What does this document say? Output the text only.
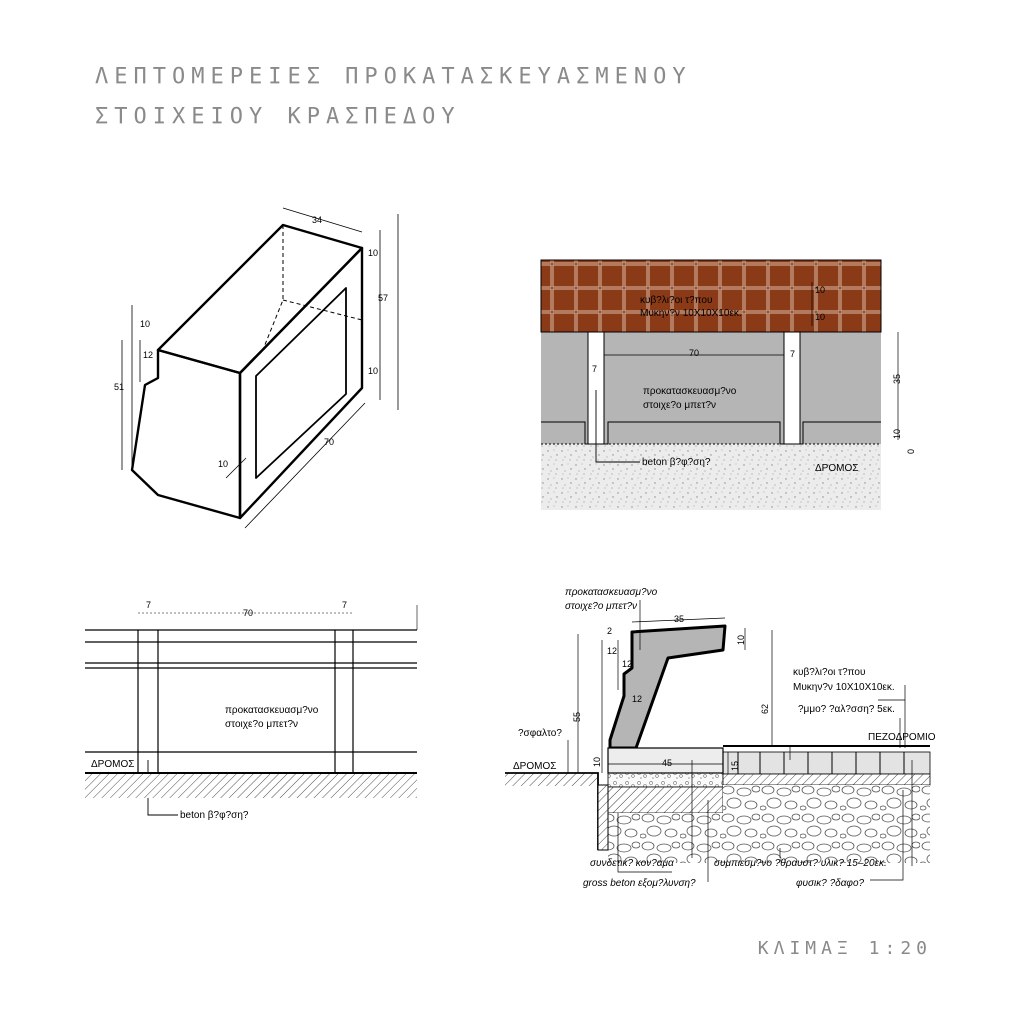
ΛΕΠΤΟΜΕΡΕΙΕΣ ΠΡΟΚΑΤΑΣΚΕΥΑΣΜΕΝΟΥ
ΣΤΟΙΧΕΙΟΥ ΚΡΑΣΠΕΔΟΥ
ΚΛΙΜΑΞ 1:20
34
10
57
10
10
12
51
70
10
κυβ?λι?οι τ?που
Μυκην?ν 10Χ10Χ10εκ.
προκατασκευασμ?νο
στοιχε?ο μπετ?ν
beton β?φ?ση?
ΔΡΟΜΟΣ
70
7
7
10
10
35
10
0
7
70
7
προκατασκευασμ?νο
στοιχε?ο μπετ?ν
ΔΡΟΜΟΣ
beton β?φ?ση?
προκατασκευασμ?νο
στοιχε?ο μπετ?ν
κυβ?λι?οι τ?που
Μυκην?ν 10Χ10Χ10εκ.
?μμο? ?αλ?σση? 5εκ.
ΠΕΖΟΔΡΟΜΙΟ
?σφαλτο?
ΔΡΟΜΟΣ
συνδετικ? κον?αμα	συμπιεσμ?νο ?θραυστ? υλικ? 15–20εκ.
gross beton εξομ?λυνση?	φυσικ? ?δαφο?
35
2
12
12
12
10
55
62
10	15
45
